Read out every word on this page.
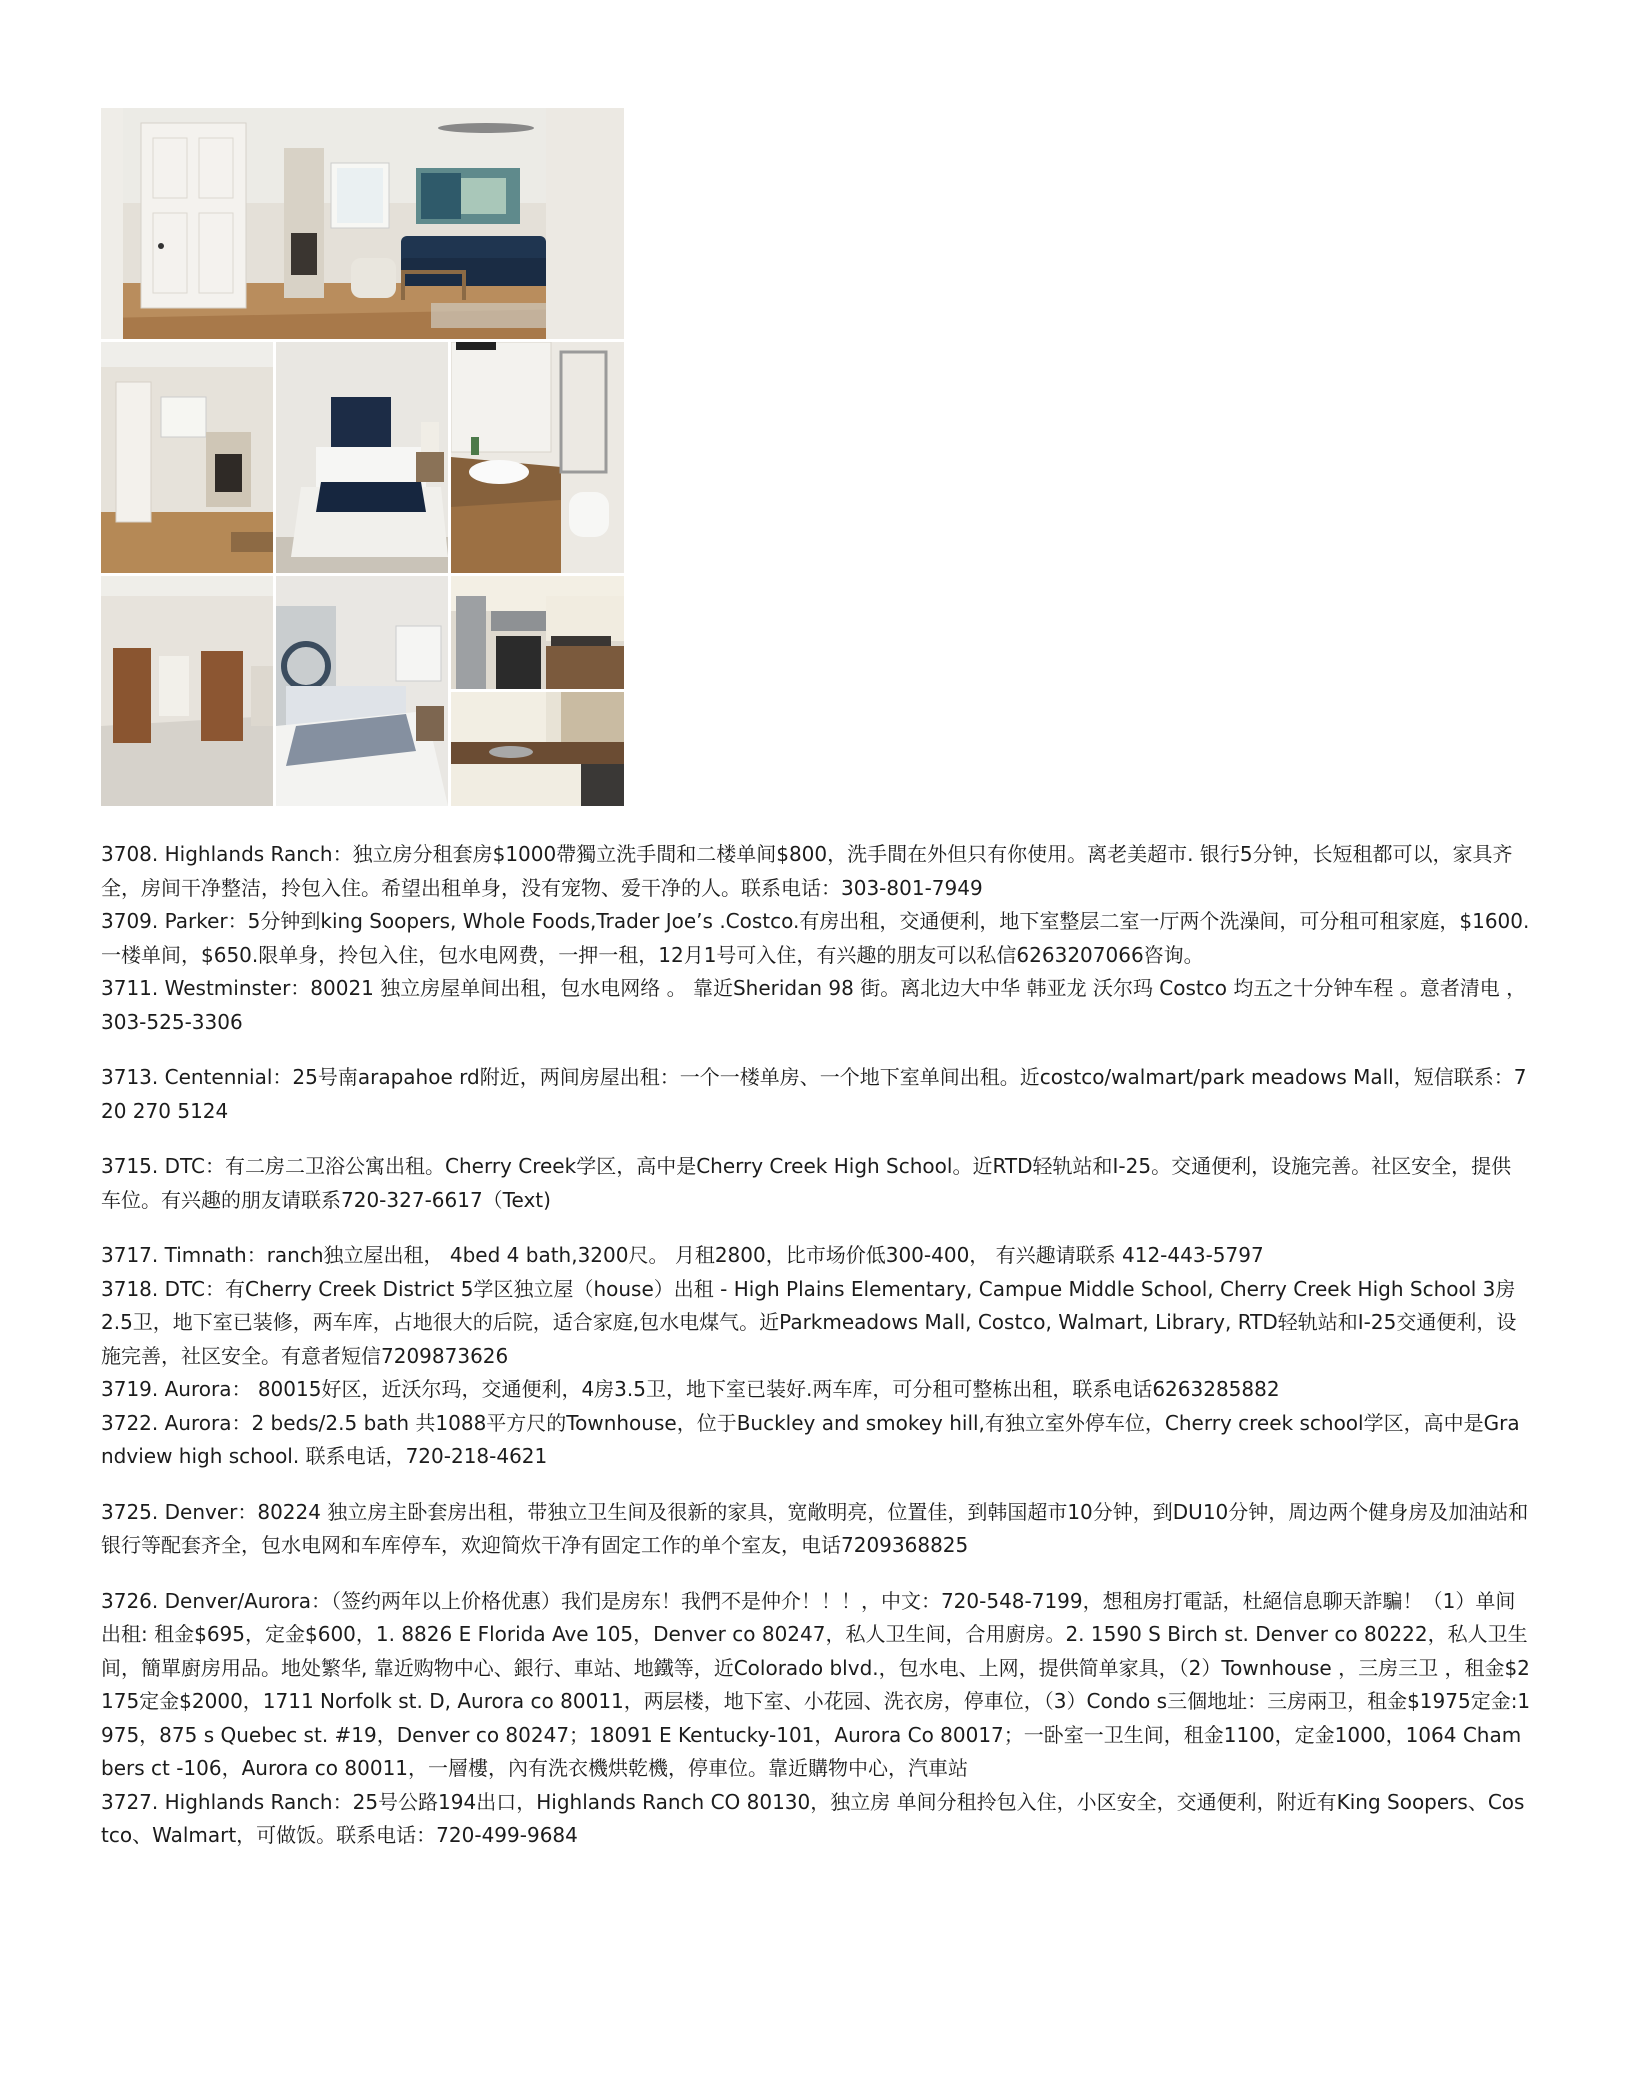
3708. Highlands Ranch：独立房分租套房$1000帶獨立洗手間和二楼单间$800，洗手間在外但只有你使用。离老美超市. 银行5分钟，长短租都可以，家具齐全，房间干净整洁，拎包入住。希望出租单身，没有宠物、爱干净的人。联系电话：303-801-7949

3709. Parker：5分钟到king Soopers, Whole Foods,Trader Joe’s .Costco.有房出租，交通便利，地下室整层二室一厅两个洗澡间，可分租可租家庭，$1600.一楼单间，$650.限单身，拎包入住，包水电网费，一押一租，12月1号可入住，有兴趣的朋友可以私信6263207066咨询。

3711. Westminster：80021 独立房屋单间出租，包水电网络 。 靠近Sheridan 98 街。离北边大中华 韩亚龙 沃尔玛 Costco 均五之十分钟车程 。意者清电 ，303-525-3306

3713. Centennial：25号南arapahoe rd附近，两间房屋出租：一个一楼单房、一个地下室单间出租。近costco/walmart/park meadows Mall，短信联系：720 270 5124

3715. DTC：有二房二卫浴公寓出租。Cherry Creek学区，高中是Cherry Creek High School。近RTD轻轨站和I-25。交通便利，设施完善。社区安全，提供车位。有兴趣的朋友请联系720-327-6617（Text)

3717. Timnath：ranch独立屋出租， 4bed 4 bath,3200尺。 月租2800，比市场价低300-400， 有兴趣请联系 412-443-5797

3718. DTC：有Cherry Creek District 5学区独立屋（house）出租 - High Plains Elementary, Campue Middle School, Cherry Creek High School 3房2.5卫，地下室已装修，两车库，占地很大的后院，适合家庭,包水电煤气。近Parkmeadows Mall, Costco, Walmart, Library, RTD轻轨站和I-25交通便利，设施完善，社区安全。有意者短信7209873626

3719. Aurora： 80015好区，近沃尔玛，交通便利，4房3.5卫，地下室已装好.两车库，可分租可整栋出租，联系电话6263285882

3722. Aurora：2 beds/2.5 bath 共1088平方尺的Townhouse，位于Buckley and smokey hill,有独立室外停车位，Cherry creek school学区，高中是Grandview high school. 联系电话，720-218-4621

3725. Denver：80224 独立房主卧套房出租，带独立卫生间及很新的家具，宽敞明亮，位置佳，到韩国超市10分钟，到DU10分钟，周边两个健身房及加油站和银行等配套齐全，包水电网和车库停车，欢迎简炊干净有固定工作的单个室友，电话7209368825

3726. Denver/Aurora：（签约两年以上价格优惠）我们是房东！我們不是仲介！！！，中文：720-548-7199，想租房打電話，杜絕信息聊天詐騙！（1）单间出租: 租金$695，定金$600，1. 8826 E Florida Ave 105，Denver co 80247，私人卫生间，合用廚房。2. 1590 S Birch st. Denver co 80222，私人卫生间，簡單廚房用品。地处繁华, 靠近购物中心、銀行、車站、地鐵等，近Colorado blvd.，包水电、上网，提供简单家具，（2）Townhouse ，三房三卫 ，租金$2175定金$2000，1711 Norfolk st. D, Aurora co 80011，两层楼，地下室、小花园、洗衣房，停車位，（3）Condo s三個地址：三房兩卫，租金$1975定金:1975，875 s Quebec st. #19，Denver co 80247；18091 E Kentucky-101，Aurora Co 80017；一卧室一卫生间，租金1100，定金1000，1064 Chambers ct -106，Aurora co 80011，一層樓，內有洗衣機烘乾機，停車位。靠近購物中心，汽車站

3727. Highlands Ranch：25号公路194出口，Highlands Ranch CO 80130，独立房 单间分租拎包入住，小区安全，交通便利，附近有King Soopers、Costco、Walmart，可做饭。联系电话：720-499-9684
